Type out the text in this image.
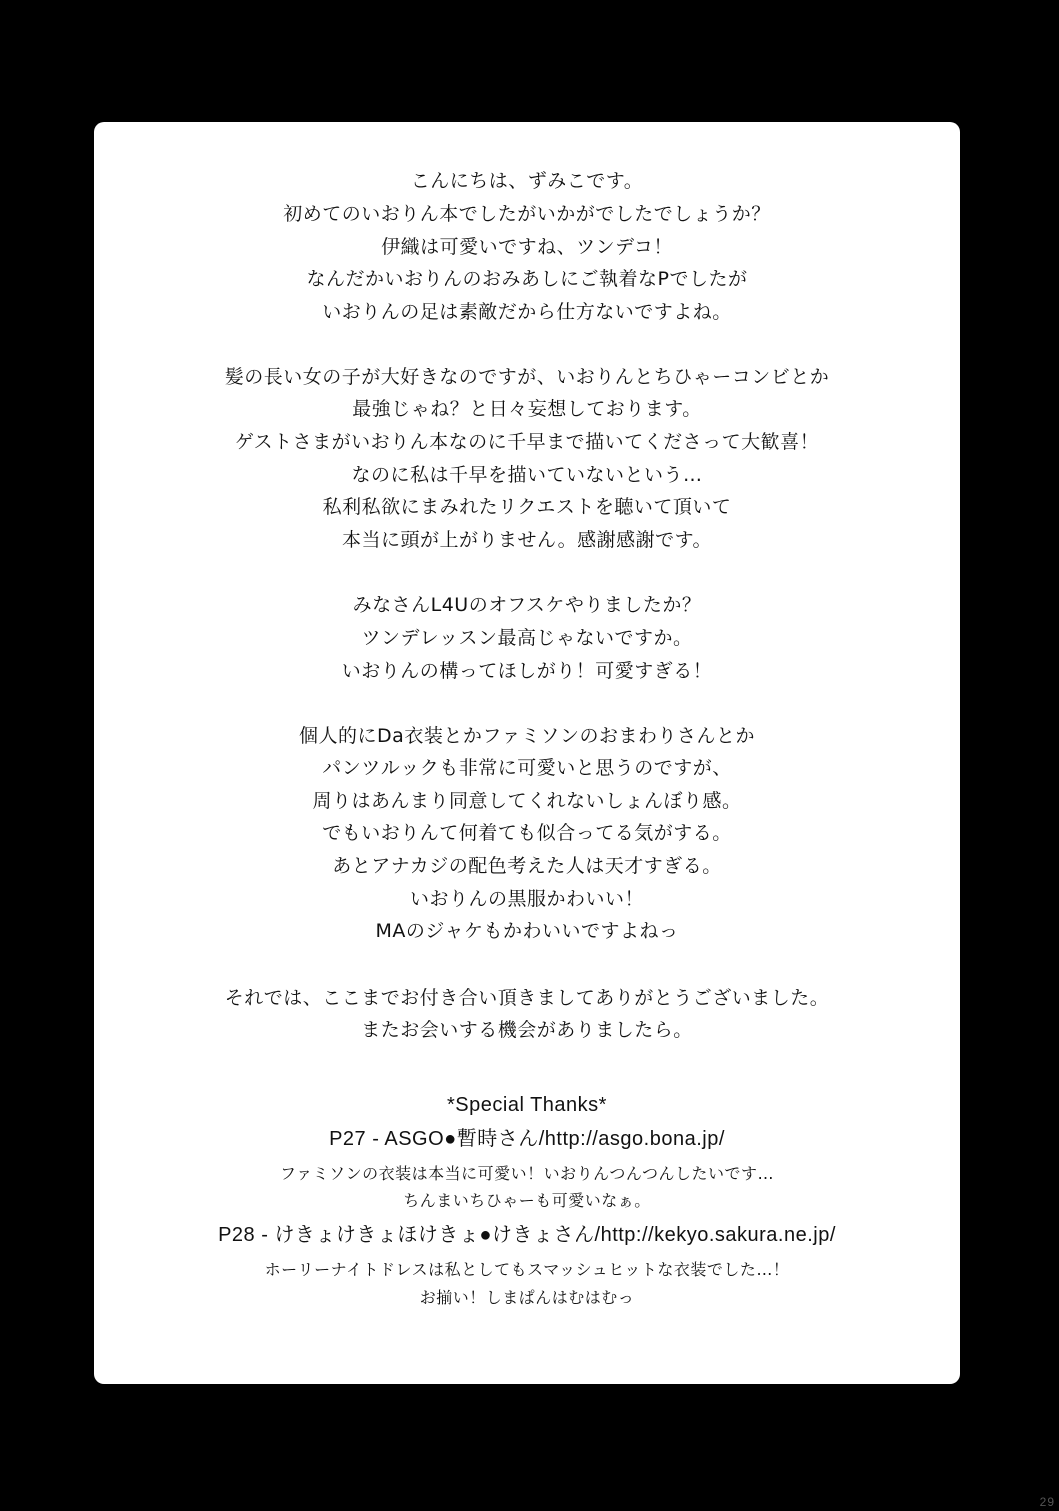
こんにちは、ずみこです。
初めてのいおりん本でしたがいかがでしたでしょうか？
伊織は可愛いですね、ツンデコ！
なんだかいおりんのおみあしにご執着なPでしたが
いおりんの足は素敵だから仕方ないですよね。
髪の長い女の子が大好きなのですが、いおりんとちひゃーコンビとか
最強じゃね？と日々妄想しております。
ゲストさまがいおりん本なのに千早まで描いてくださって大歓喜！
なのに私は千早を描いていないという…
私利私欲にまみれたリクエストを聴いて頂いて
本当に頭が上がりません。感謝感謝です。
みなさんL4Uのオフスケやりましたか？
ツンデレッスン最高じゃないですか。
いおりんの構ってほしがり！可愛すぎる！
個人的にDa衣装とかファミソンのおまわりさんとか
パンツルックも非常に可愛いと思うのですが、
周りはあんまり同意してくれないしょんぼり感。
でもいおりんて何着ても似合ってる気がする。
あとアナカジの配色考えた人は天才すぎる。
いおりんの黒服かわいい！
MAのジャケもかわいいですよねっ
それでは、ここまでお付き合い頂きましてありがとうございました。
またお会いする機会がありましたら。
*Special Thanks*
P27 - ASGO●暫時さん/http://asgo.bona.jp/
ファミソンの衣装は本当に可愛い！いおりんつんつんしたいです…
ちんまいちひゃーも可愛いなぁ。
P28 - けきょけきょほけきょ●けきょさん/http://kekyo.sakura.ne.jp/
ホーリーナイトドレスは私としてもスマッシュヒットな衣装でした…！
お揃い！しまぱんはむはむっ
29
